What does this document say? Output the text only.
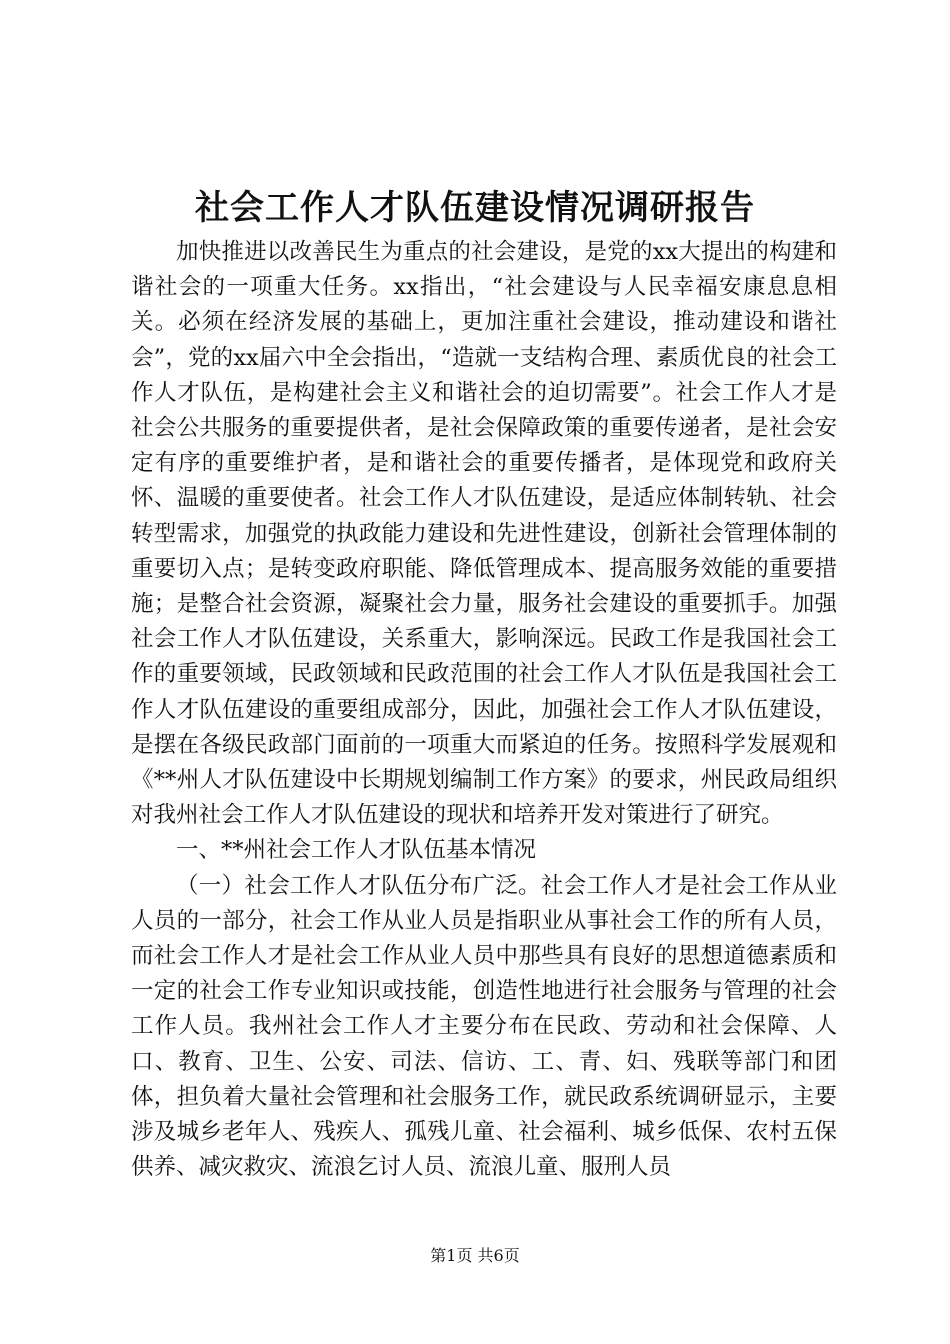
社会工作人才队伍建设情况调研报告

加快推进以改善民生为重点的社会建设，是党的xx大提出的构建和谐社会的一项重大任务。xx指出，“社会建设与人民幸福安康息息相关。必须在经济发展的基础上，更加注重社会建设，推动建设和谐社会”，党的xx届六中全会指出，“造就一支结构合理、素质优良的社会工作人才队伍，是构建社会主义和谐社会的迫切需要”。社会工作人才是社会公共服务的重要提供者，是社会保障政策的重要传递者，是社会安定有序的重要维护者，是和谐社会的重要传播者，是体现党和政府关怀、温暖的重要使者。社会工作人才队伍建设，是适应体制转轨、社会转型需求，加强党的执政能力建设和先进性建设，创新社会管理体制的重要切入点；是转变政府职能、降低管理成本、提高服务效能的重要措施；是整合社会资源，凝聚社会力量，服务社会建设的重要抓手。加强社会工作人才队伍建设，关系重大，影响深远。民政工作是我国社会工作的重要领域，民政领域和民政范围的社会工作人才队伍是我国社会工作人才队伍建设的重要组成部分，因此，加强社会工作人才队伍建设，是摆在各级民政部门面前的一项重大而紧迫的任务。按照科学发展观和《**州人才队伍建设中长期规划编制工作方案》的要求，州民政局组织对我州社会工作人才队伍建设的现状和培养开发对策进行了研究。

一、**州社会工作人才队伍基本情况

（一）社会工作人才队伍分布广泛。社会工作人才是社会工作从业人员的一部分，社会工作从业人员是指职业从事社会工作的所有人员，而社会工作人才是社会工作从业人员中那些具有良好的思想道德素质和一定的社会工作专业知识或技能，创造性地进行社会服务与管理的社会工作人员。我州社会工作人才主要分布在民政、劳动和社会保障、人口、教育、卫生、公安、司法、信访、工、青、妇、残联等部门和团体，担负着大量社会管理和社会服务工作，就民政系统调研显示，主要涉及城乡老年人、残疾人、孤残儿童、社会福利、城乡低保、农村五保供养、减灾救灾、流浪乞讨人员、流浪儿童、服刑人员

第1页 共6页
